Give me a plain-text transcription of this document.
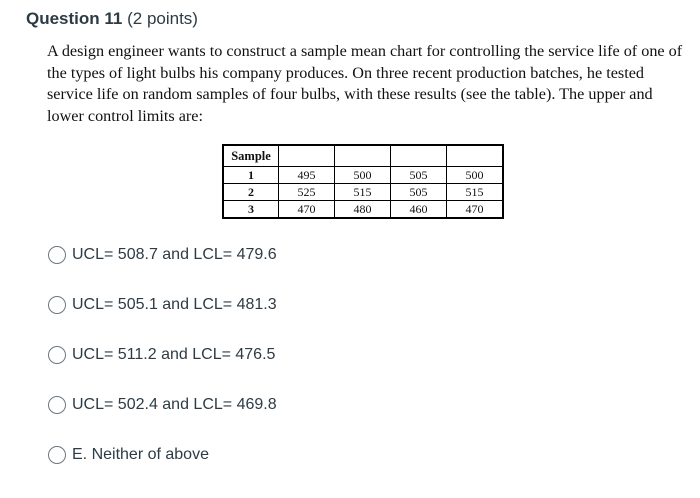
Question 11 (2 points)
A design engineer wants to construct a sample mean chart for controlling the service life of one of the types of light bulbs his company produces. On three recent production batches, he tested service life on random samples of four bulbs, with these results (see the table). The upper and lower control limits are:
Sample				
1	495	500	505	500
2	525	515	505	515
3	470	480	460	470
UCL= 508.7 and LCL= 479.6
UCL= 505.1 and LCL= 481.3
UCL= 511.2 and LCL= 476.5
UCL= 502.4 and LCL= 469.8
E. Neither of above
